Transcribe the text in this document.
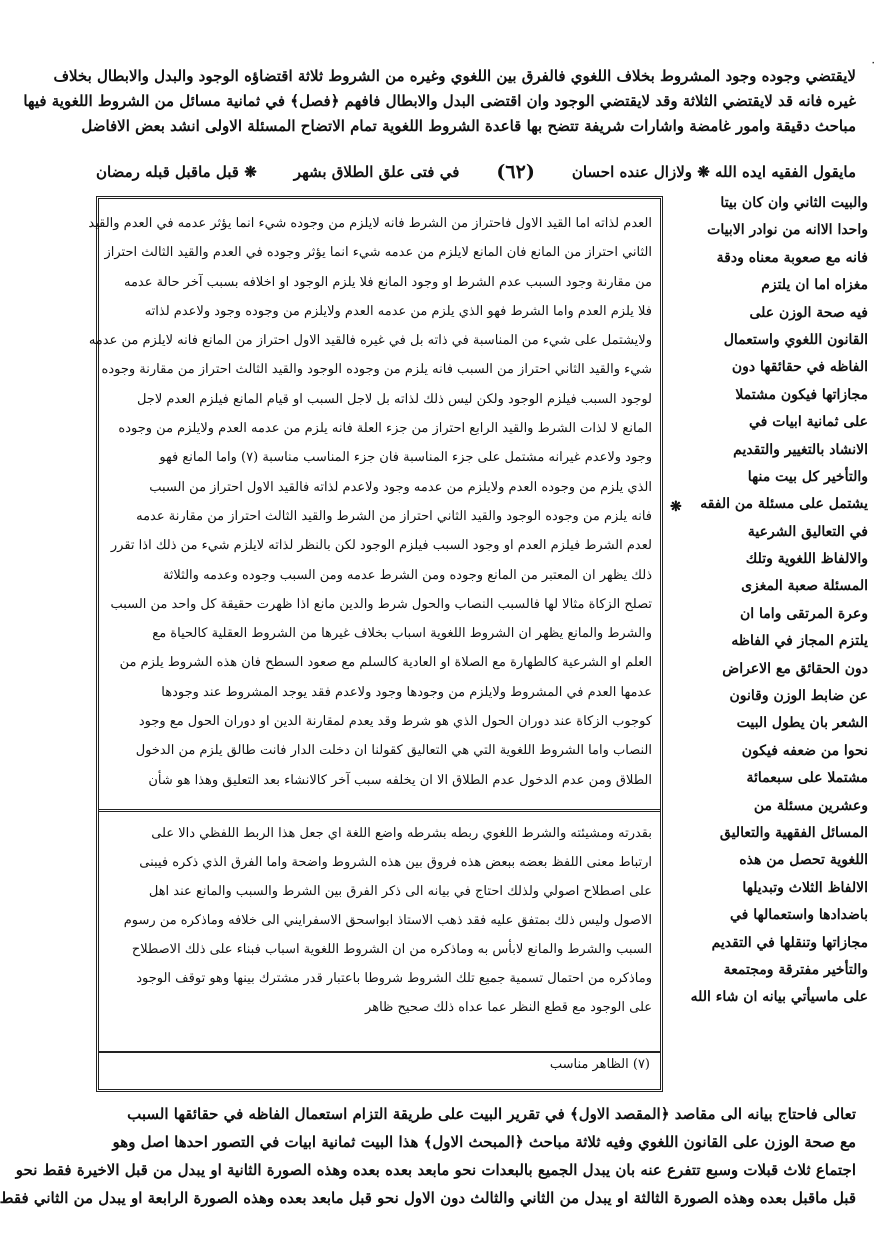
٠
لايقتضي وجوده وجود المشروط بخلاف اللغوي فالفرق بين اللغوي وغيره من الشروط ثلاثة اقتضاؤه الوجود والبدل والابطال بخلاف
غيره فانه قد لايقتضي الثلاثة وقد لايقتضي الوجود وان اقتضى البدل والابطال فافهم ﴿فصل﴾ في ثمانية مسائل من الشروط اللغوية فيها
مباحث دقيقة وامور غامضة واشارات شريفة تتضح بها قاعدة الشروط اللغوية تمام الاتضاح المسئلة الاولى انشد بعض الافاضل
مايقول الفقيه ايده الله ❋ ولازال عنده احسان
(٦٢)
في فتى علق الطلاق بشهر
❋ قبل ماقبل قبله رمضان
والبيت الثاني وان كان بيتا
واحدا الاانه من نوادر الابيات
فانه مع صعوبة معناه ودقة
مغزاه اما ان يلتزم
فيه صحة الوزن على
القانون اللغوي واستعمال
الفاظه في حقائقها دون
مجازاتها فيكون مشتملا
على ثمانية ابيات في
الانشاد بالتغيير والتقديم
والتأخير كل بيت منها
يشتمل على مسئلة من الفقه
في التعاليق الشرعية
والالفاظ اللغوية وتلك
المسئلة صعبة المغزى
وعرة المرتقى واما ان
يلتزم المجاز في الفاظه
دون الحقائق مع الاعراض
عن ضابط الوزن وقانون
الشعر بان يطول البيت
نحوا من ضعفه فيكون
مشتملا على سبعمائة
وعشرين مسئلة من
المسائل الفقهية والتعاليق
اللغوية تحصل من هذه
الالفاظ الثلاث وتبديلها
باضدادها واستعمالها في
مجازاتها وتنقلها في التقديم
والتأخير مفترقة ومجتمعة
على ماسيأتي بيانه ان شاء الله
❋
العدم لذاته اما القيد الاول فاحتراز من الشرط فانه لايلزم من وجوده شيء انما يؤثر عدمه في العدم والقيد
الثاني احتراز من المانع فان المانع لايلزم من عدمه شيء انما يؤثر وجوده في العدم والقيد الثالث احتراز
من مقارنة وجود السبب عدم الشرط او وجود المانع فلا يلزم الوجود او اخلافه بسبب آخر حالة عدمه
فلا يلزم العدم واما الشرط فهو الذي يلزم من عدمه العدم ولايلزم من وجوده وجود ولاعدم لذاته
ولايشتمل على شيء من المناسبة في ذاته بل في غيره فالقيد الاول احتراز من المانع فانه لايلزم من عدمه
شيء والقيد الثاني احتراز من السبب فانه يلزم من وجوده الوجود والقيد الثالث احتراز من مقارنة وجوده
لوجود السبب فيلزم الوجود ولكن ليس ذلك لذاته بل لاجل السبب او قيام المانع فيلزم العدم لاجل
المانع لا لذات الشرط والقيد الرابع احتراز من جزء العلة فانه يلزم من عدمه العدم ولايلزم من وجوده
وجود ولاعدم غيرانه مشتمل على جزء المناسبة فان جزء المناسب مناسبة (٧) واما المانع فهو
الذي يلزم من وجوده العدم ولايلزم من عدمه وجود ولاعدم لذاته فالقيد الاول احتراز من السبب
فانه يلزم من وجوده الوجود والقيد الثاني احتراز من الشرط والقيد الثالث احتراز من مقارنة عدمه
لعدم الشرط فيلزم العدم او وجود السبب فيلزم الوجود لكن بالنظر لذاته لايلزم شيء من ذلك اذا تقرر
ذلك يظهر ان المعتبر من المانع وجوده ومن الشرط عدمه ومن السبب وجوده وعدمه والثلاثة
تصلح الزكاة مثالا لها فالسبب النصاب والحول شرط والدين مانع اذا ظهرت حقيقة كل واحد من السبب
والشرط والمانع يظهر ان الشروط اللغوية اسباب بخلاف غيرها من الشروط العقلية كالحياة مع
العلم او الشرعية كالطهارة مع الصلاة او العادية كالسلم مع صعود السطح فان هذه الشروط يلزم من
عدمها العدم في المشروط ولايلزم من وجودها وجود ولاعدم فقد يوجد المشروط عند وجودها
كوجوب الزكاة عند دوران الحول الذي هو شرط وقد يعدم لمقارنة الدين او دوران الحول مع وجود
النصاب واما الشروط اللغوية التي هي التعاليق كقولنا ان دخلت الدار فانت طالق يلزم من الدخول
الطلاق ومن عدم الدخول عدم الطلاق الا ان يخلفه سبب آخر كالانشاء بعد التعليق وهذا هو شأن
بقدرته ومشيئته والشرط اللغوي ربطه بشرطه واضع اللغة اي جعل هذا الربط اللفظي دالا على
ارتباط معنى اللفظ بعضه ببعض هذه فروق بين هذه الشروط واضحة واما الفرق الذي ذكره فيبنى
على اصطلاح اصولي ولذلك احتاج في بيانه الى ذكر الفرق بين الشرط والسبب والمانع عند اهل
الاصول وليس ذلك بمتفق عليه فقد ذهب الاستاذ ابواسحق الاسفرايني الى خلافه وماذكره من رسوم
السبب والشرط والمانع لابأس به وماذكره من ان الشروط اللغوية اسباب فبناء على ذلك الاصطلاح
وماذكره من احتمال تسمية جميع تلك الشروط شروطا باعتبار قدر مشترك بينها وهو توقف الوجود
على الوجود مع قطع النظر عما عداه ذلك صحيح ظاهر
(٧) الظاهر مناسب
تعالى فاحتاج بيانه الى مقاصد ﴿المقصد الاول﴾ في تقرير البيت على طريقة التزام استعمال الفاظه في حقائقها السبب
مع صحة الوزن على القانون اللغوي وفيه ثلاثة مباحث ﴿المبحث الاول﴾ هذا البيت ثمانية ابيات في التصور احدها اصل وهو
اجتماع ثلاث قبلات وسبع تتفرع عنه بان يبدل الجميع بالبعدات نحو مابعد بعده بعده وهذه الصورة الثانية او يبدل من قبل الاخيرة فقط نحو
قبل ماقبل بعده وهذه الصورة الثالثة او يبدل من الثاني والثالث دون الاول نحو قبل مابعد بعده وهذه الصورة الرابعة او يبدل من الثاني فقط
